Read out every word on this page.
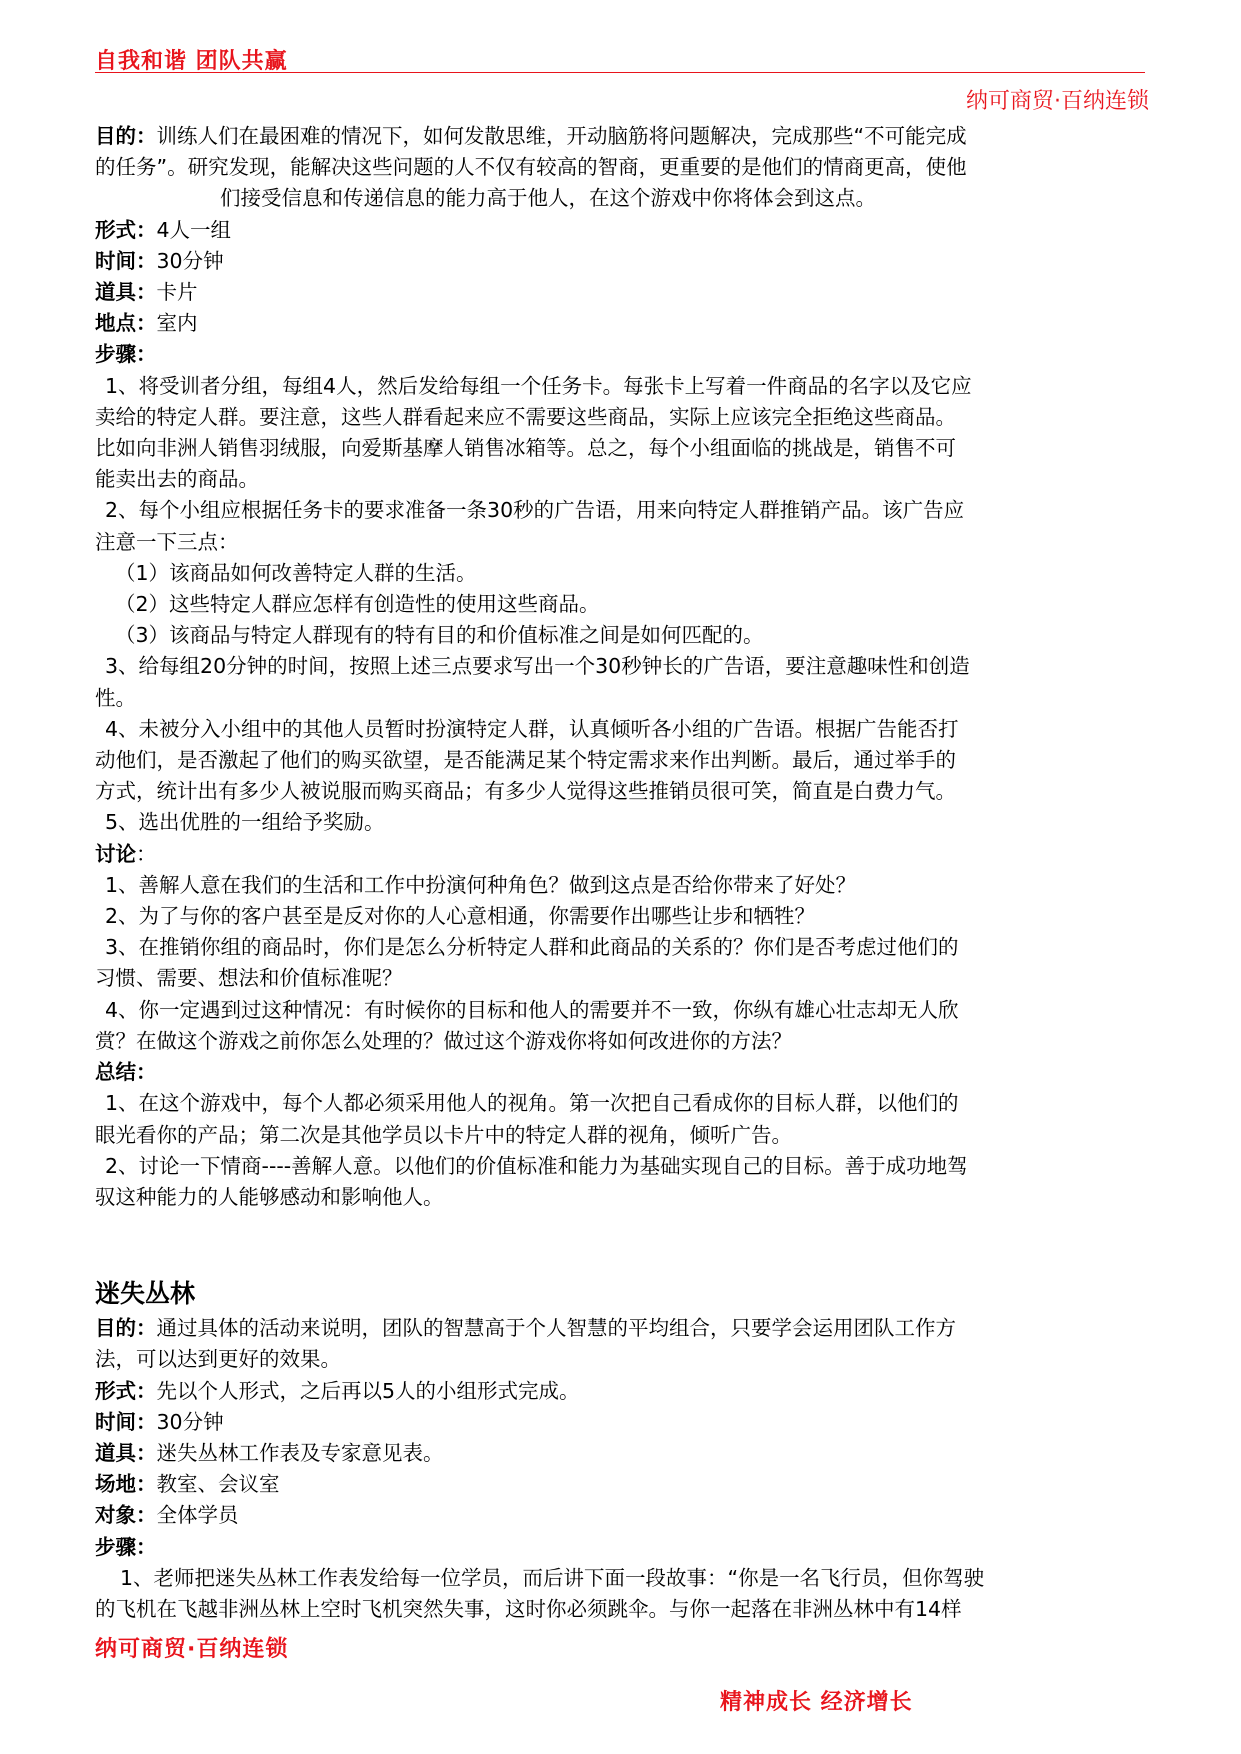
自我和谐 团队共赢
纳可商贸·百纳连锁

目的：训练人们在最困难的情况下，如何发散思维，开动脑筋将问题解决，完成那些“不可能完成

的任务”。研究发现，能解决这些问题的人不仅有较高的智商，更重要的是他们的情商更高，使他

们接受信息和传递信息的能力高于他人，在这个游戏中你将体会到这点。

形式：4人一组

时间：30分钟

道具：卡片

地点：室内

步骤：

1、将受训者分组，每组4人，然后发给每组一个任务卡。每张卡上写着一件商品的名字以及它应

卖给的特定人群。要注意，这些人群看起来应不需要这些商品，实际上应该完全拒绝这些商品。

比如向非洲人销售羽绒服，向爱斯基摩人销售冰箱等。总之，每个小组面临的挑战是，销售不可

能卖出去的商品。

2、每个小组应根据任务卡的要求准备一条30秒的广告语，用来向特定人群推销产品。该广告应

注意一下三点：

（1）该商品如何改善特定人群的生活。

（2）这些特定人群应怎样有创造性的使用这些商品。

（3）该商品与特定人群现有的特有目的和价值标准之间是如何匹配的。

3、给每组20分钟的时间，按照上述三点要求写出一个30秒钟长的广告语，要注意趣味性和创造

性。

4、未被分入小组中的其他人员暂时扮演特定人群，认真倾听各小组的广告语。根据广告能否打

动他们，是否激起了他们的购买欲望，是否能满足某个特定需求来作出判断。最后，通过举手的

方式，统计出有多少人被说服而购买商品；有多少人觉得这些推销员很可笑，简直是白费力气。

5、选出优胜的一组给予奖励。

讨论：

1、善解人意在我们的生活和工作中扮演何种角色？做到这点是否给你带来了好处？

2、为了与你的客户甚至是反对你的人心意相通，你需要作出哪些让步和牺牲？

3、在推销你组的商品时，你们是怎么分析特定人群和此商品的关系的？你们是否考虑过他们的

习惯、需要、想法和价值标准呢？

4、你一定遇到过这种情况：有时候你的目标和他人的需要并不一致，你纵有雄心壮志却无人欣

赏？在做这个游戏之前你怎么处理的？做过这个游戏你将如何改进你的方法？

总结：

1、在这个游戏中，每个人都必须采用他人的视角。第一次把自己看成你的目标人群，以他们的

眼光看你的产品；第二次是其他学员以卡片中的特定人群的视角，倾听广告。

2、讨论一下情商----善解人意。以他们的价值标准和能力为基础实现自己的目标。善于成功地驾

驭这种能力的人能够感动和影响他人。

迷失丛林

目的：通过具体的活动来说明，团队的智慧高于个人智慧的平均组合，只要学会运用团队工作方

法，可以达到更好的效果。

形式：先以个人形式，之后再以5人的小组形式完成。

时间：30分钟

道具：迷失丛林工作表及专家意见表。

场地：教室、会议室

对象：全体学员

步骤：

1、老师把迷失丛林工作表发给每一位学员，而后讲下面一段故事：“你是一名飞行员，但你驾驶

的飞机在飞越非洲丛林上空时飞机突然失事，这时你必须跳伞。与你一起落在非洲丛林中有14样

纳可商贸·百纳连锁
精神成长 经济增长
